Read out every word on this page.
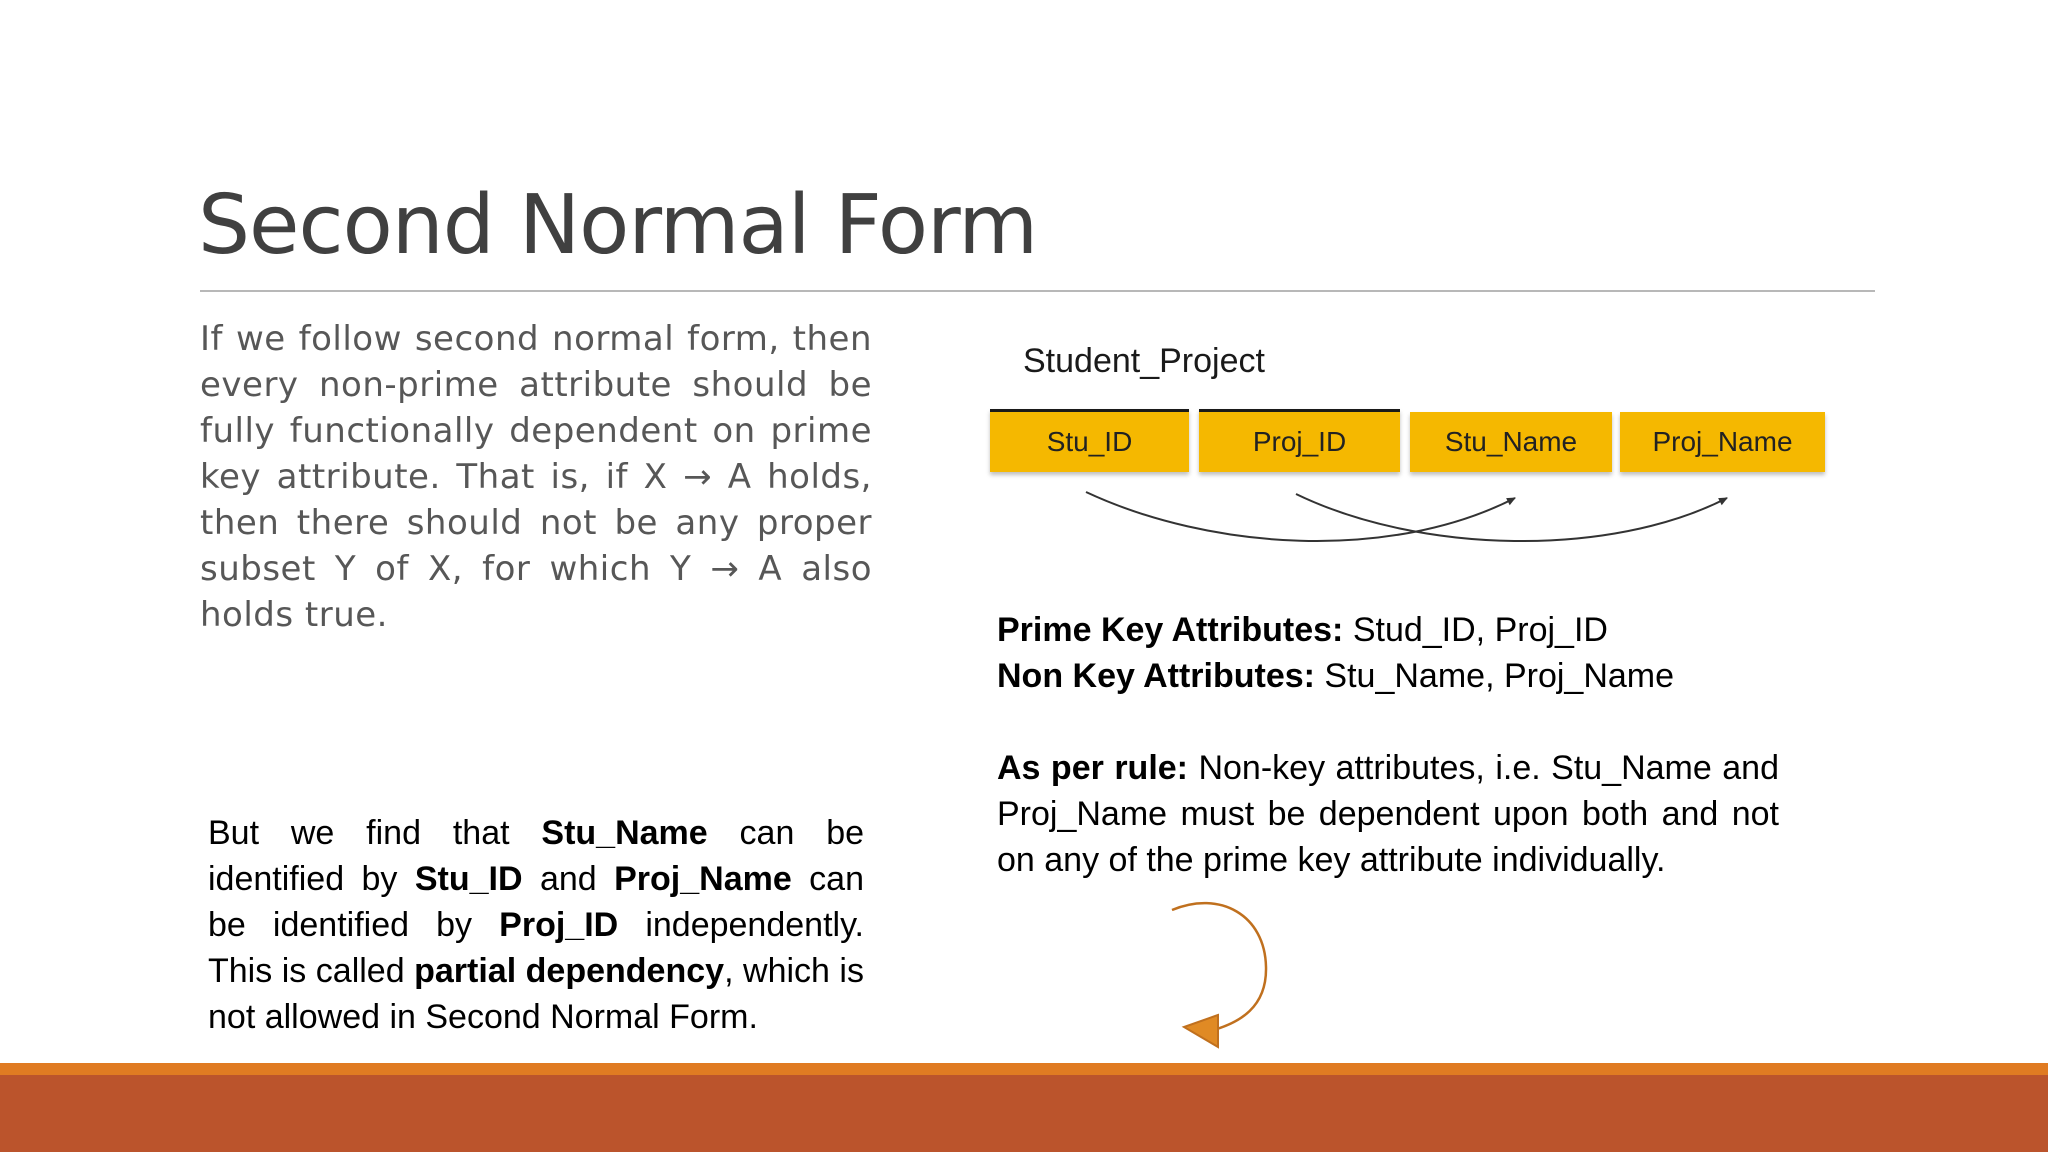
Second Normal Form

If we follow second normal form, then every non-prime attribute should be fully functionally dependent on prime key attribute. That is, if X → A holds, then there should not be any proper subset Y of X, for which Y → A also holds true.

Student_Project
Stu_ID	Proj_ID	Stu_Name	Proj_Name

Prime Key Attributes: Stud_ID, Proj_ID
Non Key Attributes: Stu_Name, Proj_Name

As per rule: Non-key attributes, i.e. Stu_Name and Proj_Name must be dependent upon both and not on any of the prime key attribute individually.

But we find that Stu_Name can be identified by Stu_ID and Proj_Name can be identified by Proj_ID independently. This is called partial dependency, which is not allowed in Second Normal Form.
